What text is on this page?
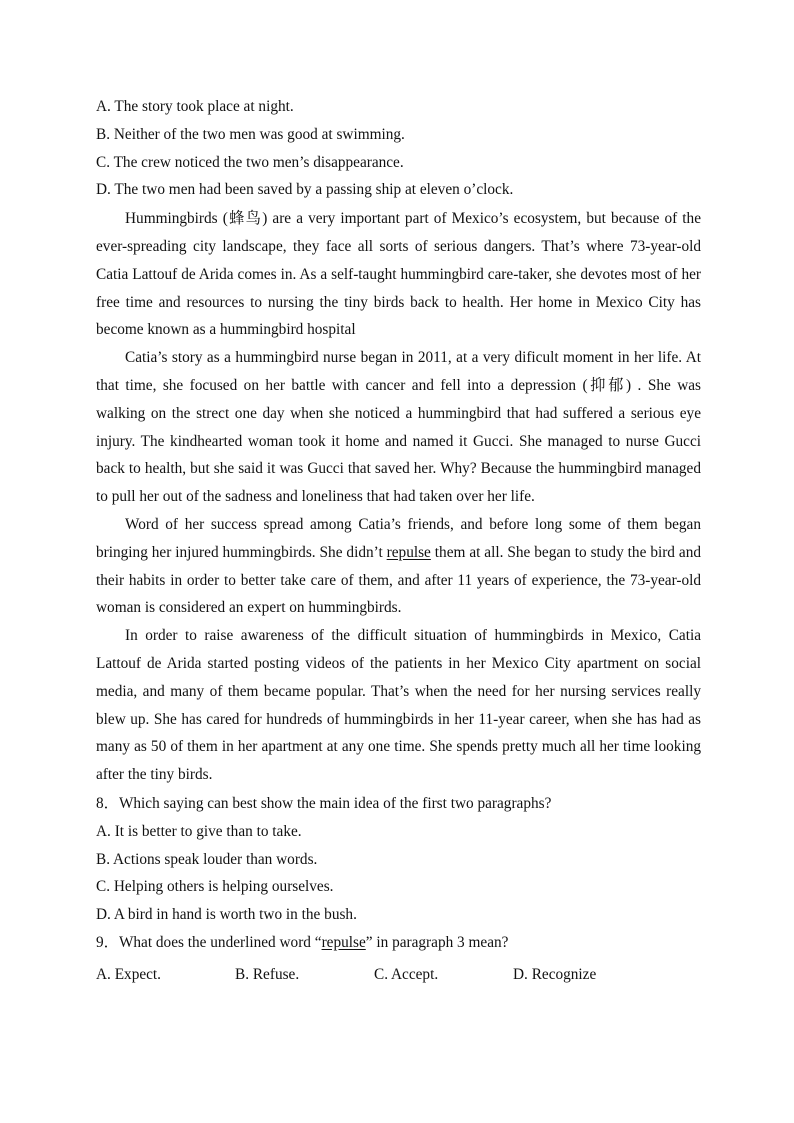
A. The story took place at night.

B. Neither of the two men was good at swimming.

C. The crew noticed the two men’s disappearance.

D. The two men had been saved by a passing ship at eleven o’clock.

Hummingbirds (蜂鸟) are a very important part of Mexico’s ecosystem, but because of the ever-spreading city landscape, they face all sorts of serious dangers. That’s where 73-year-old Catia Lattouf de Arida comes in. As a self-taught hummingbird care-taker, she devotes most of her free time and resources to nursing the tiny birds back to health. Her home in Mexico City has become known as a hummingbird hospital

Catia’s story as a hummingbird nurse began in 2011, at a very dificult moment in her life. At that time, she focused on her battle with cancer and fell into a depression (抑郁) . She was walking on the strect one day when she noticed a hummingbird that had suffered a serious eye injury. The kindhearted woman took it home and named it Gucci. She managed to nurse Gucci back to health, but she said it was Gucci that saved her. Why? Because the hummingbird managed to pull her out of the sadness and loneliness that had taken over her life.

Word of her success spread among Catia’s friends, and before long some of them began bringing her injured hummingbirds. She didn’t repulse them at all. She began to study the bird and their habits in order to better take care of them, and after 11 years of experience, the 73-year-old woman is considered an expert on hummingbirds.

In order to raise awareness of the difficult situation of hummingbirds in Mexico, Catia Lattouf de Arida started posting videos of the patients in her Mexico City apartment on social media, and many of them became popular. That’s when the need for her nursing services really blew up. She has cared for hundreds of hummingbirds in her 11-year career, when she has had as many as 50 of them in her apartment at any one time. She spends pretty much all her time looking after the tiny birds.

8．Which saying can best show the main idea of the first two paragraphs?

A. It is better to give than to take.

B. Actions speak louder than words.

C. Helping others is helping ourselves.

D. A bird in hand is worth two in the bush.

9．What does the underlined word “repulse” in paragraph 3 mean?

A. Expect.	B. Refuse.	C. Accept.	D. Recognize
